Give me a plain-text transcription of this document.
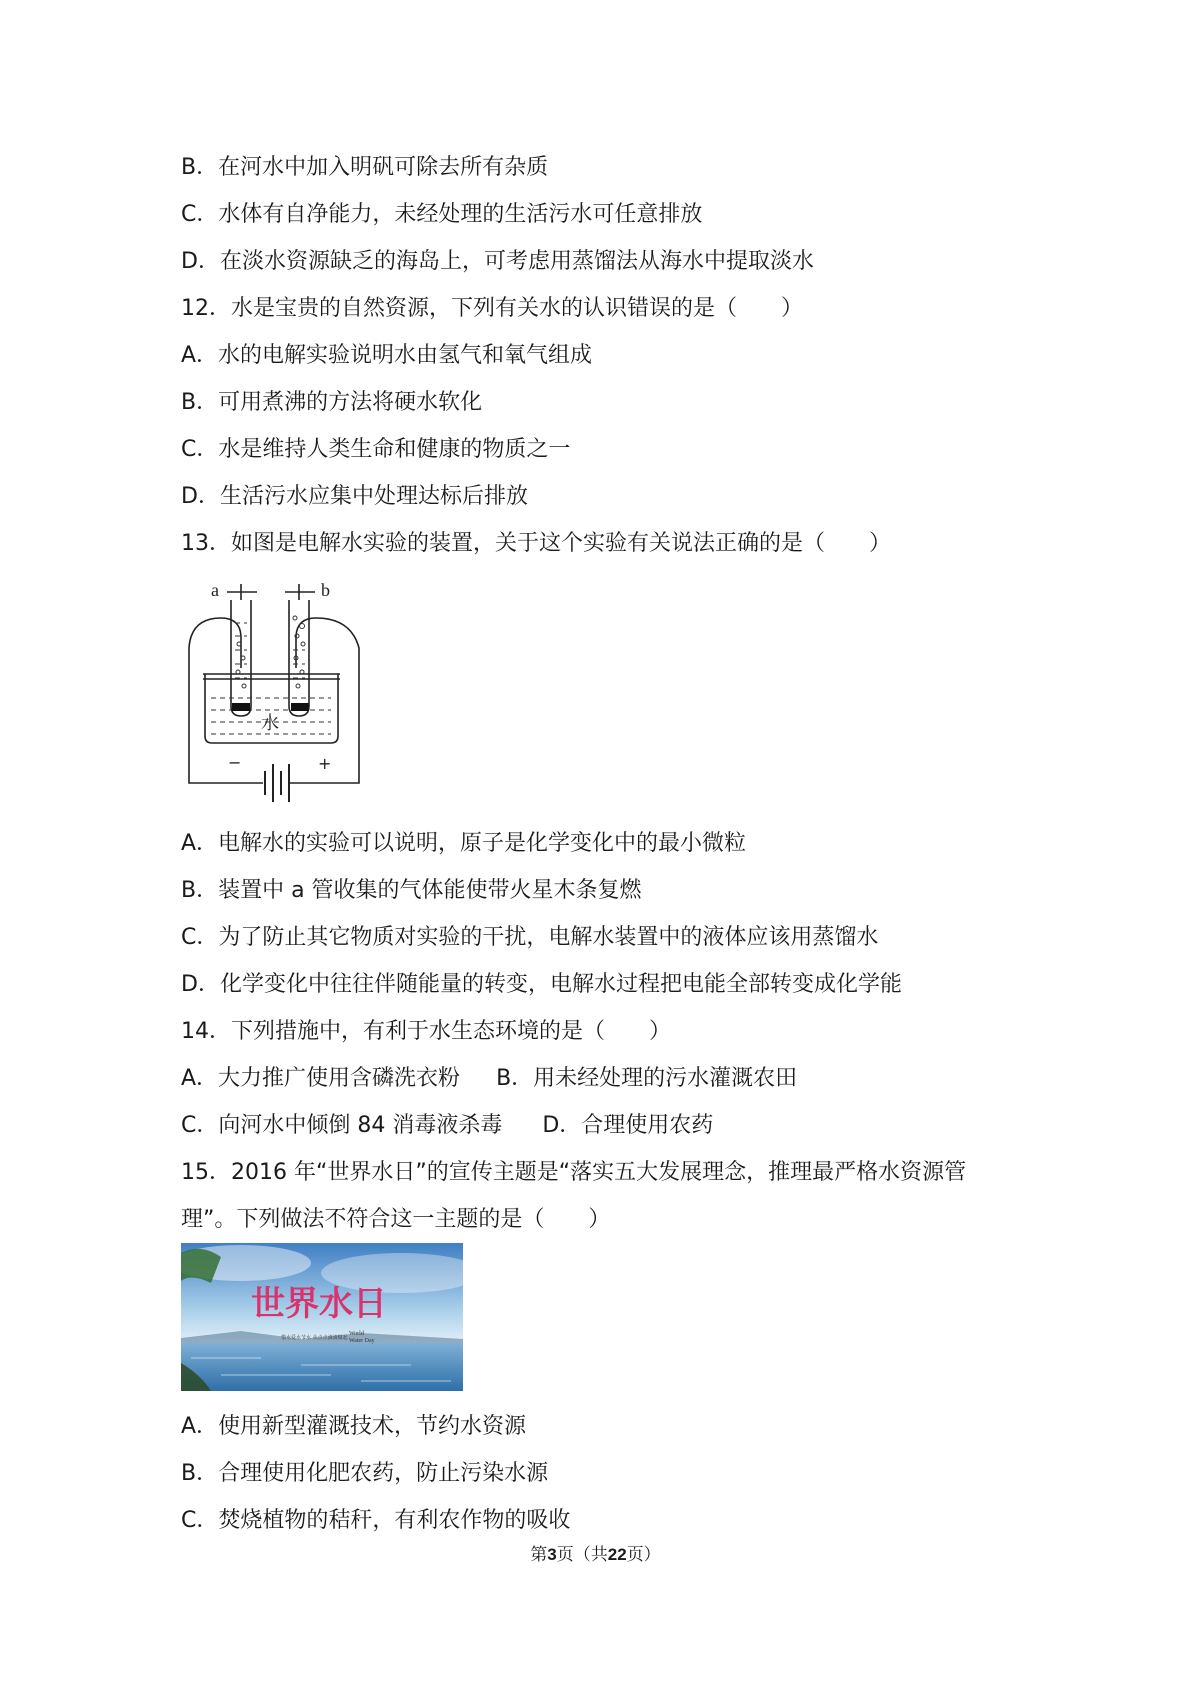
B．在河水中加入明矾可除去所有杂质
C．水体有自净能力，未经处理的生活污水可任意排放
D．在淡水资源缺乏的海岛上，可考虑用蒸馏法从海水中提取淡水
12．水是宝贵的自然资源，下列有关水的认识错误的是（　　）
A．水的电解实验说明水由氢气和氧气组成
B．可用煮沸的方法将硬水软化
C．水是维持人类生命和健康的物质之一
D．生活污水应集中处理达标后排放
13．如图是电解水实验的装置，关于这个实验有关说法正确的是（　　）
a	b
水
−	+
A．电解水的实验可以说明，原子是化学变化中的最小微粒
B．装置中 a 管收集的气体能使带火星木条复燃
C．为了防止其它物质对实验的干扰，电解水装置中的液体应该用蒸馏水
D．化学变化中往往伴随能量的转变，电解水过程把电能全部转变成化学能
14．下列措施中，有利于水生态环境的是（　　）
A．大力推广使用含磷洗衣粉 B．用未经处理的污水灌溉农田
C．向河水中倾倒 84 消毒液杀毒 D．合理使用农药
15．2016 年“世界水日”的宣传主题是“落实五大发展理念，推理最严格水资源管
理”。下列做法不符合这一主题的是（　　）
世界水日
惜水爱水节水 从点点滴滴做起
World
Water Day
A．使用新型灌溉技术，节约水资源
B．合理使用化肥农药，防止污染水源
C．焚烧植物的秸秆，有利农作物的吸收
第3页（共22页）
